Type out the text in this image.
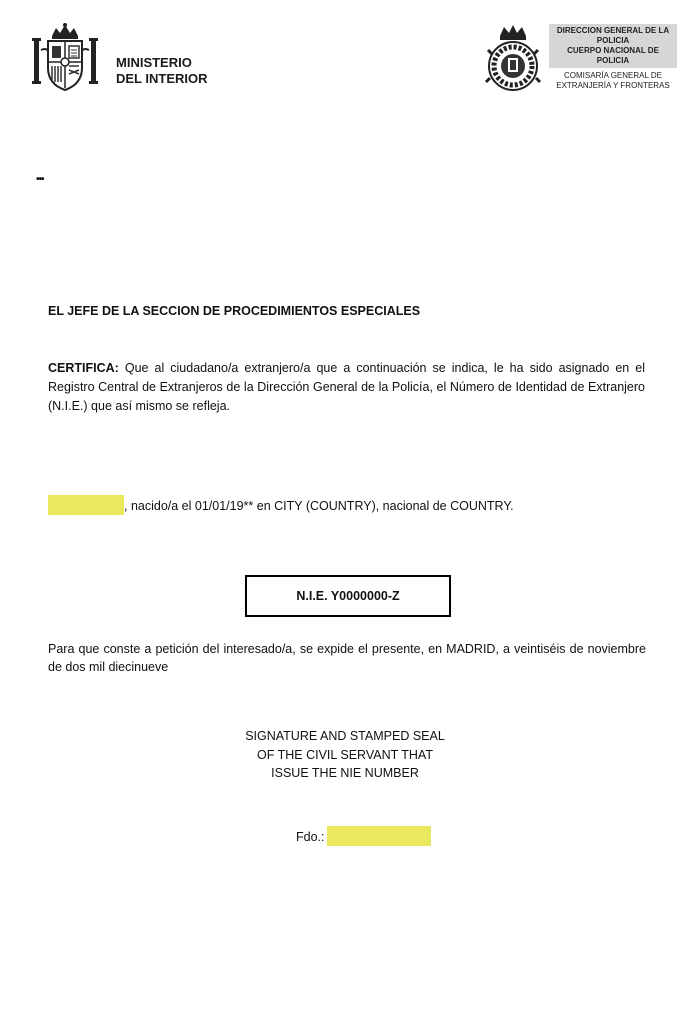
MINISTERIO
DEL INTERIOR
DIRECCION GENERAL DE LA
POLICIA
CUERPO NACIONAL DE
POLICIA
COMISARÍA GENERAL DE
EXTRANJERÍA Y FRONTERAS
•••
EL JEFE DE LA SECCION DE PROCEDIMIENTOS ESPECIALES
CERTIFICA: Que al ciudadano/a extranjero/a que a continuación se indica, le ha sido asignado en el Registro Central de Extranjeros de la Dirección General de la Policía, el Número de Identidad de Extranjero (N.I.E.) que así mismo se refleja.
, nacido/a el 01/01/19** en CITY (COUNTRY), nacional de COUNTRY.
N.I.E. Y0000000-Z
Para que conste a petición del interesado/a, se expide el presente, en MADRID, a veintiséis de noviembre de dos mil diecinueve
SIGNATURE AND STAMPED SEAL
OF THE CIVIL SERVANT THAT
ISSUE THE NIE NUMBER
Fdo.:
